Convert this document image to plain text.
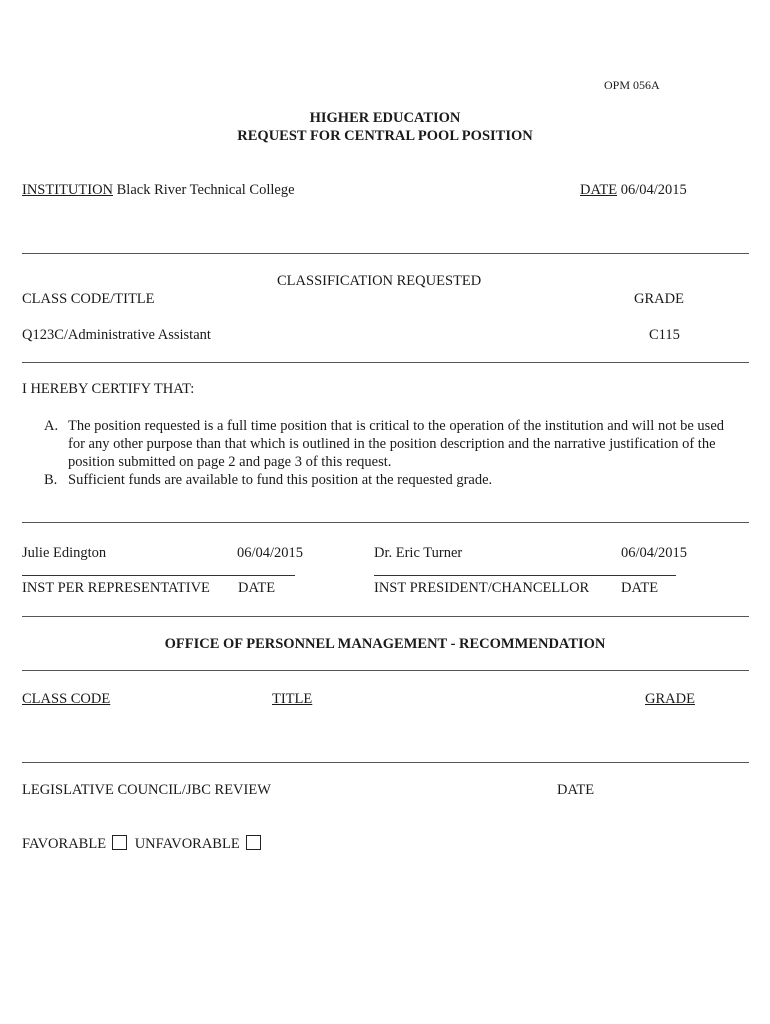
OPM 056A
HIGHER EDUCATION
REQUEST FOR CENTRAL POOL POSITION
INSTITUTION Black River Technical College	DATE 06/04/2015
CLASSIFICATION REQUESTED
CLASS CODE/TITLE	GRADE
Q123C/Administrative Assistant	C115
I HEREBY CERTIFY THAT:
A. The position requested is a full time position that is critical to the operation of the institution and will not be used for any other purpose than that which is outlined in the position description and the narrative justification of the position submitted on page 2 and page 3 of this request.
B. Sufficient funds are available to fund this position at the requested grade.
Julie Edington	06/04/2015	Dr. Eric Turner	06/04/2015
INST PER REPRESENTATIVE DATE	INST PRESIDENT/CHANCELLOR DATE
OFFICE OF PERSONNEL MANAGEMENT - RECOMMENDATION
CLASS CODE	TITLE	GRADE
LEGISLATIVE COUNCIL/JBC REVIEW	DATE
FAVORABLE UNFAVORABLE
